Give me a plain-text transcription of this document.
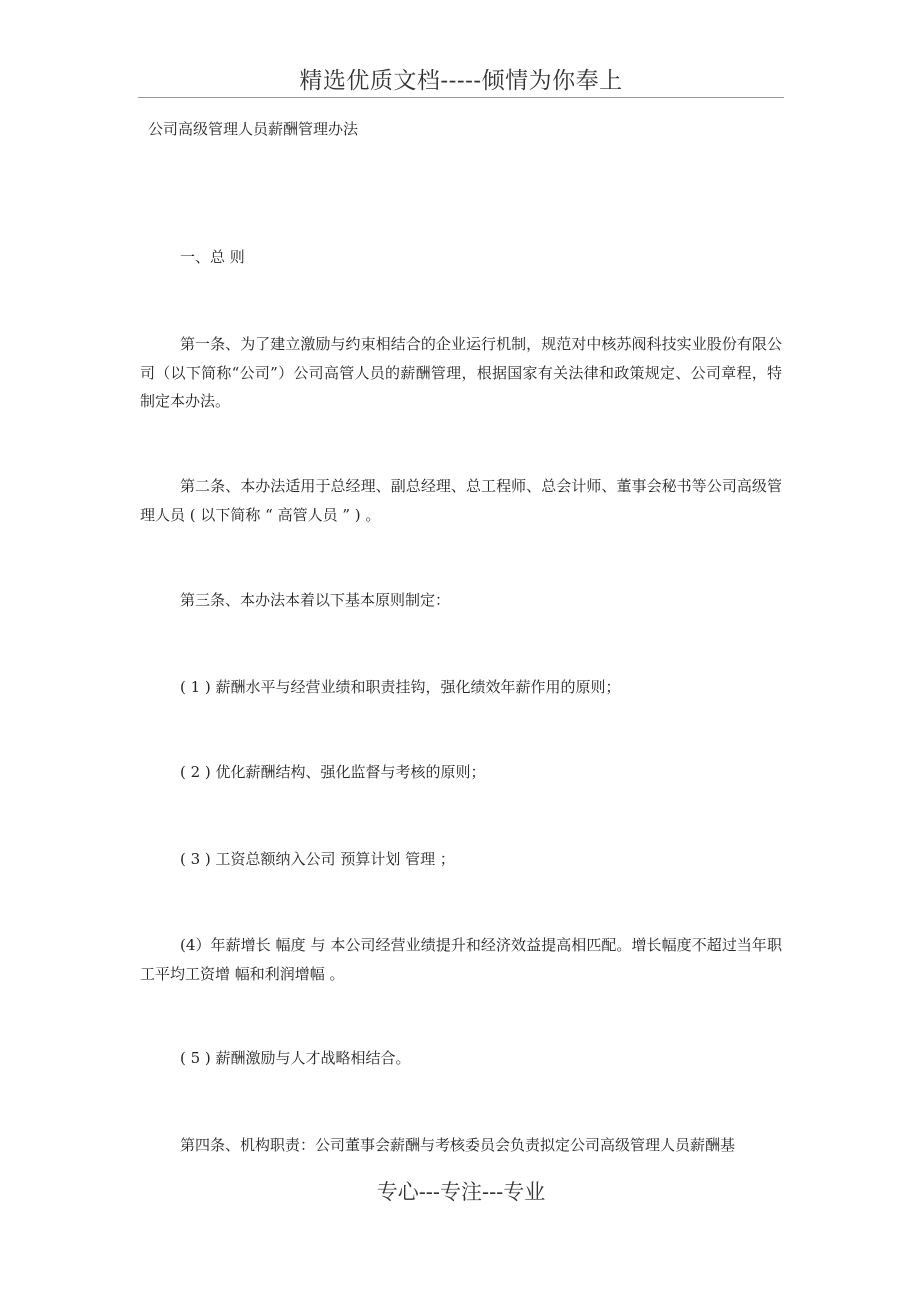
精选优质文档-----倾情为你奉上
公司高级管理人员薪酬管理办法
一、总 则
第一条、为了建立激励与约束相结合的企业运行机制，规范对中核苏阀科技实业股份有限公司（以下简称“公司”）公司高管人员的薪酬管理，根据国家有关法律和政策规定、公司章程，特制定本办法。
第二条、本办法适用于总经理、副总经理、总工程师、总会计师、董事会秘书等公司高级管理人员 ( 以下简称 “ 高管人员 ” ) 。
第三条、本办法本着以下基本原则制定：
( 1 ) 薪酬水平与经营业绩和职责挂钩，强化绩效年薪作用的原则；
( 2 ) 优化薪酬结构、强化监督与考核的原则；
( 3 ) 工资总额纳入公司 预算计划 管理 ；
(4）年薪增长 幅度 与 本公司经营业绩提升和经济效益提高相匹配。增长幅度不超过当年职工平均工资增 幅和利润增幅 。
( 5 ) 薪酬激励与人才战略相结合。
第四条、机构职责：公司董事会薪酬与考核委员会负责拟定公司高级管理人员薪酬基
专心---专注---专业
